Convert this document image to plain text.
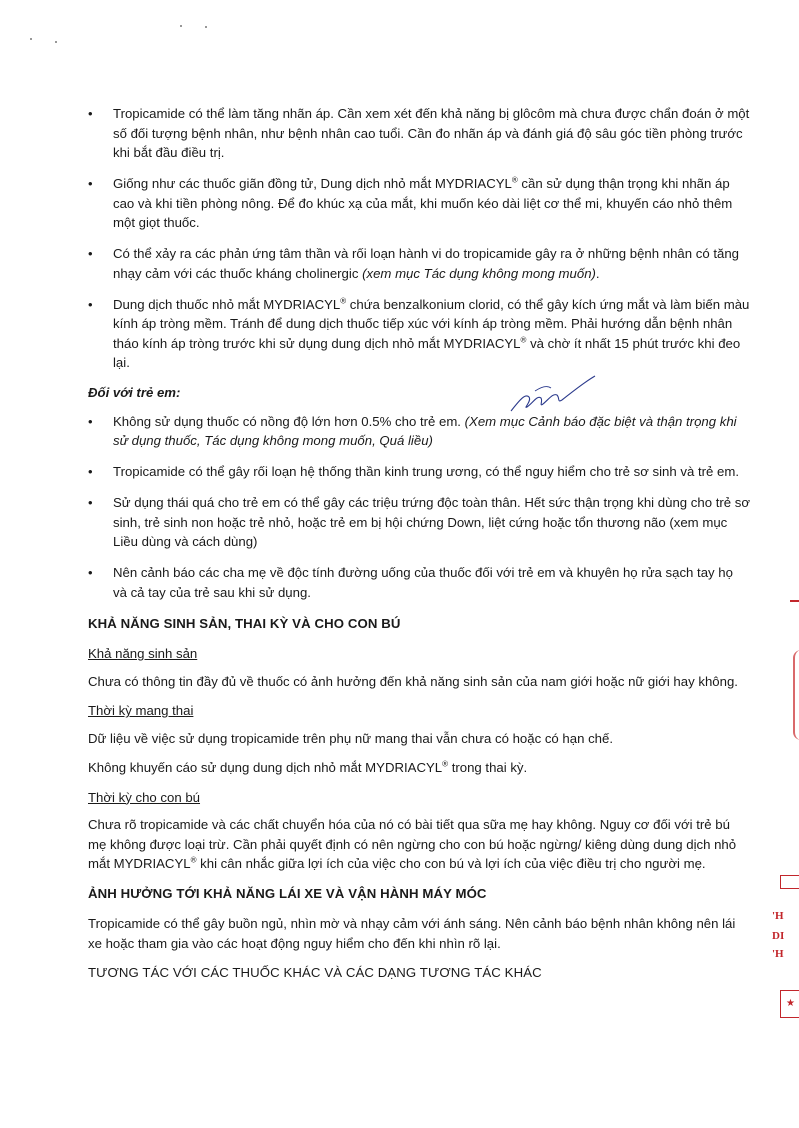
• Tropicamide có thể làm tăng nhãn áp. Cần xem xét đến khả năng bị glôcôm mà chưa được chẩn đoán ở một số đối tượng bệnh nhân, như bệnh nhân cao tuổi. Cần đo nhãn áp và đánh giá độ sâu góc tiền phòng trước khi bắt đầu điều trị.
• Giống như các thuốc giãn đồng tử, Dung dịch nhỏ mắt MYDRIACYL® cần sử dụng thận trọng khi nhãn áp cao và khi tiền phòng nông. Để đo khúc xạ của mắt, khi muốn kéo dài liệt cơ thể mi, khuyến cáo nhỏ thêm một giọt thuốc.
• Có thể xảy ra các phản ứng tâm thần và rối loạn hành vi do tropicamide gây ra ở những bệnh nhân có tăng nhạy cảm với các thuốc kháng cholinergic (xem mục Tác dụng không mong muốn).
• Dung dịch thuốc nhỏ mắt MYDRIACYL® chứa benzalkonium clorid, có thể gây kích ứng mắt và làm biến màu kính áp tròng mềm. Tránh để dung dịch thuốc tiếp xúc với kính áp tròng mềm. Phải hướng dẫn bệnh nhân tháo kính áp tròng trước khi sử dụng dung dịch nhỏ mắt MYDRIACYL® và chờ ít nhất 15 phút trước khi đeo lại.
Đối với trẻ em:
• Không sử dụng thuốc có nồng độ lớn hơn 0.5% cho trẻ em. (Xem mục Cảnh báo đặc biệt và thận trọng khi sử dụng thuốc, Tác dụng không mong muốn, Quá liều)
• Tropicamide có thể gây rối loạn hệ thống thần kinh trung ương, có thể nguy hiểm cho trẻ sơ sinh và trẻ em.
• Sử dụng thái quá cho trẻ em có thể gây các triệu trứng độc toàn thân. Hết sức thận trọng khi dùng cho trẻ sơ sinh, trẻ sinh non hoặc trẻ nhỏ, hoặc trẻ em bị hội chứng Down, liệt cứng hoặc tổn thương não (xem mục Liều dùng và cách dùng)
• Nên cảnh báo các cha mẹ về độc tính đường uống của thuốc đối với trẻ em và khuyên họ rửa sạch tay họ và cả tay của trẻ sau khi sử dụng.
KHẢ NĂNG SINH SẢN, THAI KỲ VÀ CHO CON BÚ
Khả năng sinh sản

Chưa có thông tin đầy đủ về thuốc có ảnh hưởng đến khả năng sinh sản của nam giới hoặc nữ giới hay không.

Thời kỳ mang thai

Dữ liệu về việc sử dụng tropicamide trên phụ nữ mang thai vẫn chưa có hoặc có hạn chế.

Không khuyến cáo sử dụng dung dịch nhỏ mắt MYDRIACYL® trong thai kỳ.

Thời kỳ cho con bú

Chưa rõ tropicamide và các chất chuyển hóa của nó có bài tiết qua sữa mẹ hay không. Nguy cơ đối với trẻ bú mẹ không được loại trừ. Cần phải quyết định có nên ngừng cho con bú hoặc ngừng/ kiêng dùng dung dịch nhỏ mắt MYDRIACYL® khi cân nhắc giữa lợi ích của việc cho con bú và lợi ích của việc điều trị cho người mẹ.

ẢNH HƯỞNG TỚI KHẢ NĂNG LÁI XE VÀ VẬN HÀNH MÁY MÓC

Tropicamide có thể gây buồn ngủ, nhìn mờ và nhạy cảm với ánh sáng. Nên cảnh báo bệnh nhân không nên lái xe hoặc tham gia vào các hoạt động nguy hiểm cho đến khi nhìn rõ lại.

TƯƠNG TÁC VỚI CÁC THUỐC KHÁC VÀ CÁC DẠNG TƯƠNG TÁC KHÁC
'H
DI
'H
★
